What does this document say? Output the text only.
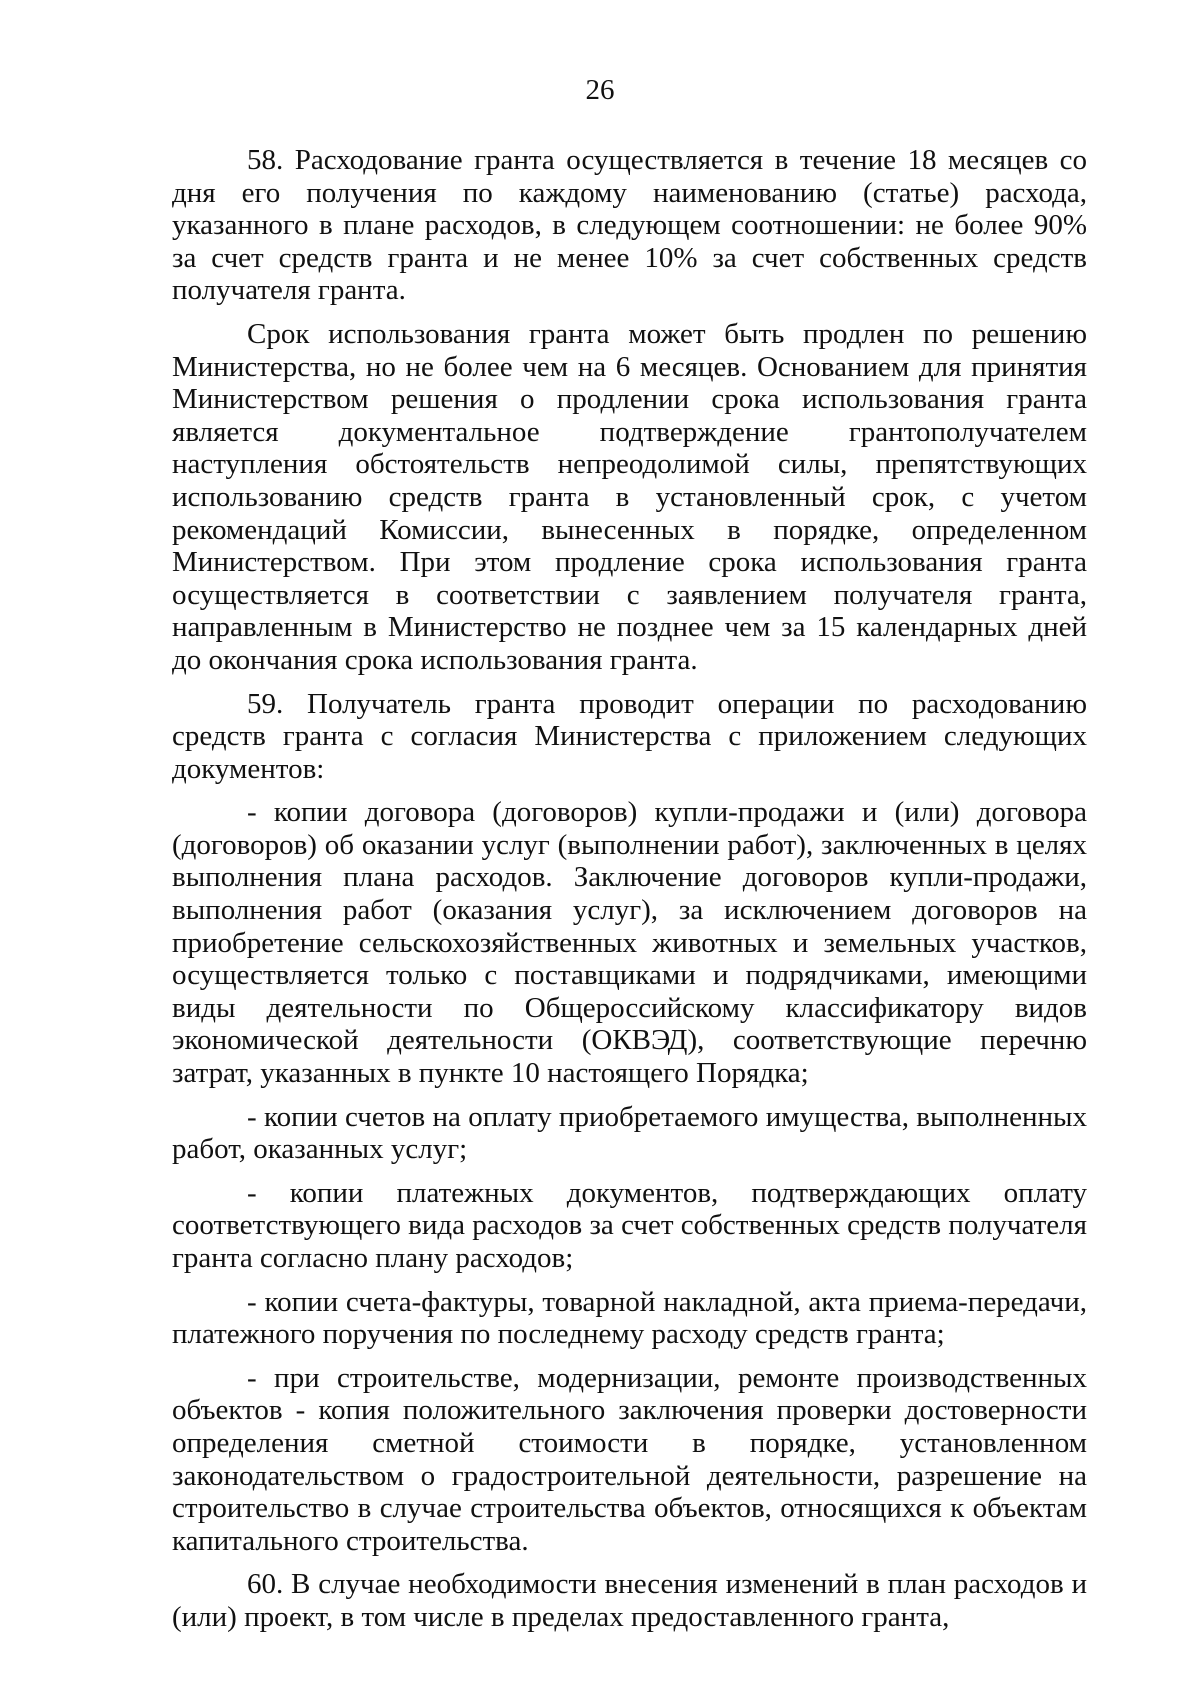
26

58. Расходование гранта осуществляется в течение 18 месяцев со дня его получения по каждому наименованию (статье) расхода, указанного в плане расходов, в следующем соотношении: не более 90% за счет средств гранта и не менее 10% за счет собственных средств получателя гранта.

Срок использования гранта может быть продлен по решению Министерства, но не более чем на 6 месяцев. Основанием для принятия Министерством решения о продлении срока использования гранта является документальное подтверждение грантополучателем наступления обстоятельств непреодолимой силы, препятствующих использованию средств гранта в установленный срок, с учетом рекомендаций Комиссии, вынесенных в порядке, определенном Министерством. При этом продление срока использования гранта осуществляется в соответствии с заявлением получателя гранта, направленным в Министерство не позднее чем за 15 календарных дней до окончания срока использования гранта.

59. Получатель гранта проводит операции по расходованию средств гранта с согласия Министерства с приложением следующих документов:

- копии договора (договоров) купли-продажи и (или) договора (договоров) об оказании услуг (выполнении работ), заключенных в целях выполнения плана расходов. Заключение договоров купли-продажи, выполнения работ (оказания услуг), за исключением договоров на приобретение сельскохозяйственных животных и земельных участков, осуществляется только с поставщиками и подрядчиками, имеющими виды деятельности по Общероссийскому классификатору видов экономической деятельности (ОКВЭД), соответствующие перечню затрат, указанных в пункте 10 настоящего Порядка;

- копии счетов на оплату приобретаемого имущества, выполненных работ, оказанных услуг;

- копии платежных документов, подтверждающих оплату соответствующего вида расходов за счет собственных средств получателя гранта согласно плану расходов;

- копии счета-фактуры, товарной накладной, акта приема-передачи, платежного поручения по последнему расходу средств гранта;

- при строительстве, модернизации, ремонте производственных объектов - копия положительного заключения проверки достоверности определения сметной стоимости в порядке, установленном законодательством о градостроительной деятельности, разрешение на строительство в случае строительства объектов, относящихся к объектам капитального строительства.

60. В случае необходимости внесения изменений в план расходов и (или) проект, в том числе в пределах предоставленного гранта,
